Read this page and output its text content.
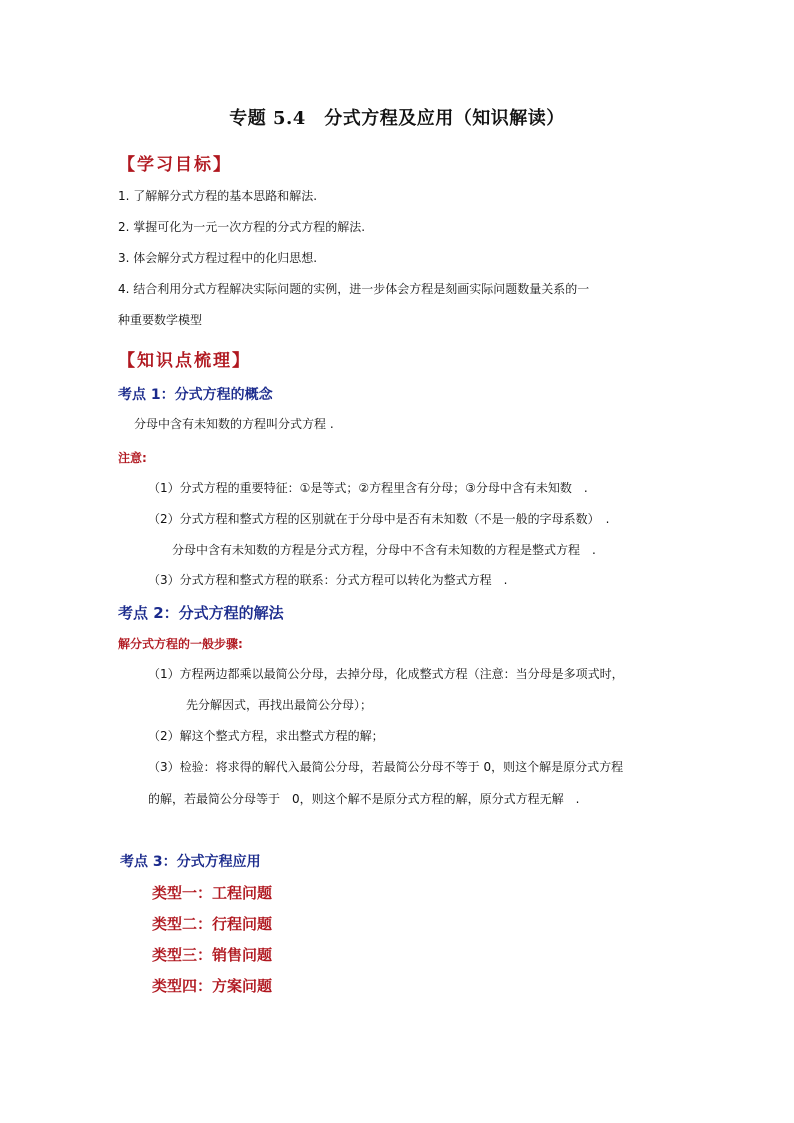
专题 5.4　分式方程及应用（知识解读）
【学习目标】
1. 了解解分式方程的基本思路和解法.
2. 掌握可化为一元一次方程的分式方程的解法.
3. 体会解分式方程过程中的化归思想.
4. 结合利用分式方程解决实际问题的实例，进一步体会方程是刻画实际问题数量关系的一
种重要数学模型
【知识点梳理】
考点 1：分式方程的概念
分母中含有未知数的方程叫分式方程 .
注意:
（1）分式方程的重要特征：①是等式；②方程里含有分母；③分母中含有未知数　.
（2）分式方程和整式方程的区别就在于分母中是否有未知数（不是一般的字母系数）　.
分母中含有未知数的方程是分式方程，分母中不含有未知数的方程是整式方程　.
（3）分式方程和整式方程的联系：分式方程可以转化为整式方程　.
考点 2：分式方程的解法
解分式方程的一般步骤:
（1）方程两边都乘以最简公分母，去掉分母，化成整式方程（注意：当分母是多项式时，
先分解因式，再找出最简公分母）；
（2）解这个整式方程，求出整式方程的解；
（3）检验：将求得的解代入最简公分母，若最简公分母不等于 0，则这个解是原分式方程
的解，若最简公分母等于　0，则这个解不是原分式方程的解，原分式方程无解　.
考点 3：分式方程应用
类型一：工程问题
类型二：行程问题
类型三：销售问题
类型四：方案问题
